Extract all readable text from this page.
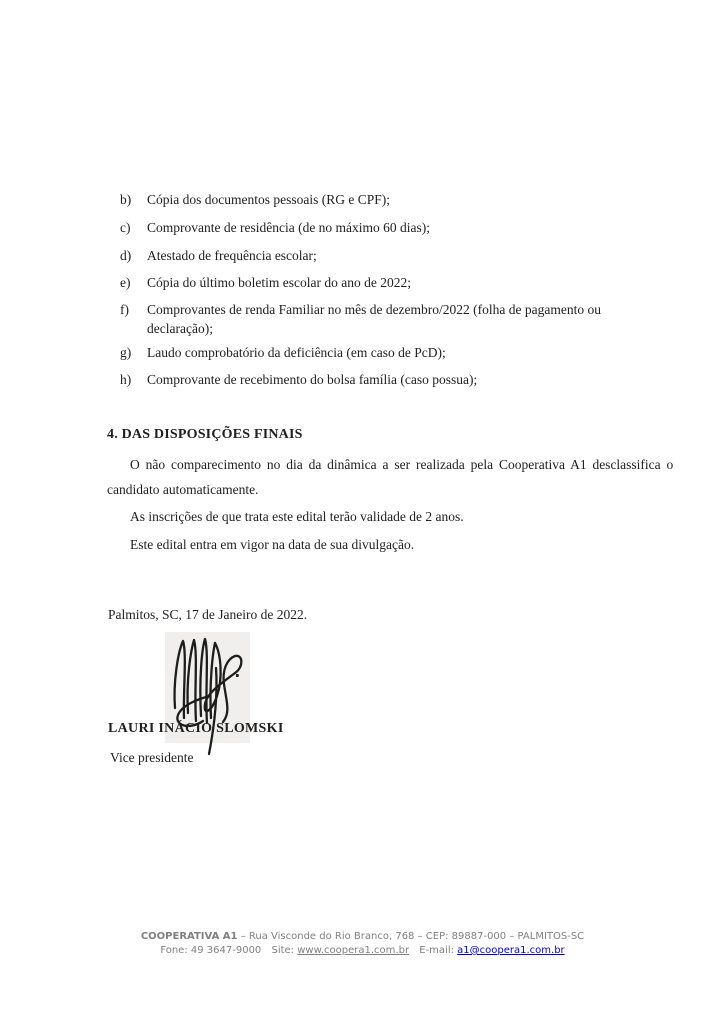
b) Cópia dos documentos pessoais (RG e CPF);
c) Comprovante de residência (de no máximo 60 dias);
d) Atestado de frequência escolar;
e) Cópia do último boletim escolar do ano de 2022;
f) Comprovantes de renda Familiar no mês de dezembro/2022 (folha de pagamento ou
declaração);
g) Laudo comprobatório da deficiência (em caso de PcD);
h) Comprovante de recebimento do bolsa família (caso possua);
4. DAS DISPOSIÇÕES FINAIS
O não comparecimento no dia da dinâmica a ser realizada pela Cooperativa A1 desclassifica o
candidato automaticamente.
As inscrições de que trata este edital terão validade de 2 anos.
Este edital entra em vigor na data de sua divulgação.
Palmitos, SC, 17 de Janeiro de 2022.
LAURI INÁCIO SLOMSKI
Vice presidente
COOPERATIVA A1 – Rua Visconde do Rio Branco, 768 – CEP: 89887-000 – PALMITOS-SC
Fone: 49 3647-9000 Site: www.coopera1.com.br E-mail: a1@coopera1.com.br
